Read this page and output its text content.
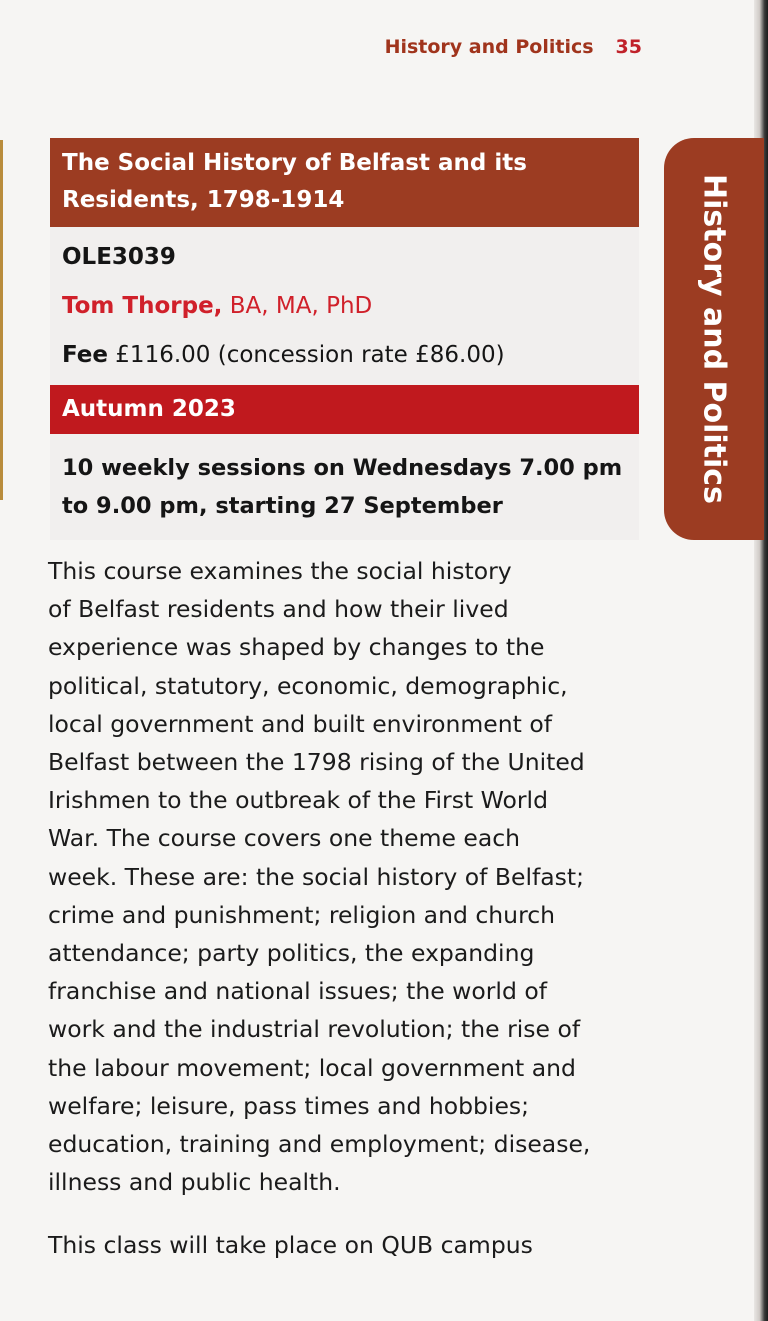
History and Politics 35
The Social History of Belfast and its
Residents, 1798-1914
OLE3039
Tom Thorpe, BA, MA, PhD
Fee £116.00 (concession rate £86.00)
Autumn 2023
10 weekly sessions on Wednesdays 7.00 pm
to 9.00 pm, starting 27 September
History and Politics
This course examines the social history
of Belfast residents and how their lived
experience was shaped by changes to the
political, statutory, economic, demographic,
local government and built environment of
Belfast between the 1798 rising of the United
Irishmen to the outbreak of the First World
War. The course covers one theme each
week. These are: the social history of Belfast;
crime and punishment; religion and church
attendance; party politics, the expanding
franchise and national issues; the world of
work and the industrial revolution; the rise of
the labour movement; local government and
welfare; leisure, pass times and hobbies;
education, training and employment; disease,
illness and public health.
This class will take place on QUB campus
